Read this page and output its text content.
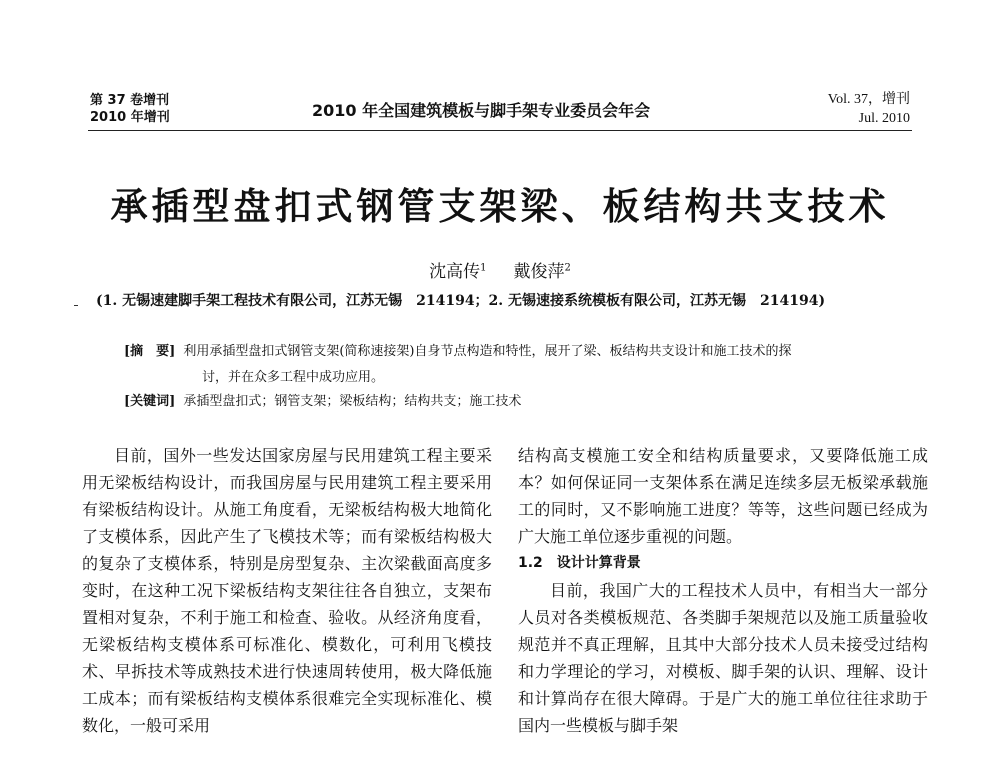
第 37 卷增刊
2010 年增刊	2010 年全国建筑模板与脚手架专业委员会年会
Vol. 37，增刊
Jul. 2010
承插型盘扣式钢管支架梁、板结构共支技术
沈高传$^1$ 戴俊萍$^2$
(1. 无锡速建脚手架工程技术有限公司，江苏无锡　214194；2. 无锡速接系统模板有限公司，江苏无锡　214194)
[摘　要] 利用承插型盘扣式钢管支架(简称速接架)自身节点构造和特性，展开了梁、板结构共支设计和施工技术的探
讨，并在众多工程中成功应用。
[关键词] 承插型盘扣式；钢管支架；梁板结构；结构共支；施工技术

目前，国外一些发达国家房屋与民用建筑工程主要采用无梁板结构设计，而我国房屋与民用建筑工程主要采用有梁板结构设计。从施工角度看，无梁板结构极大地简化了支模体系，因此产生了飞模技术等；而有梁板结构极大的复杂了支模体系，特别是房型复杂、主次梁截面高度多变时，在这种工况下梁板结构支架往往各自独立，支架布置相对复杂，不利于施工和检查、验收。从经济角度看，无梁板结构支模体系可标准化、模数化，可利用飞模技术、早拆技术等成熟技术进行快速周转使用，极大降低施工成本；而有梁板结构支模体系很难完全实现标准化、模数化，一般可采用

结构高支模施工安全和结构质量要求，又要降低施工成本？如何保证同一支架体系在满足连续多层无板梁承载施工的同时，又不影响施工进度？等等，这些问题已经成为广大施工单位逐步重视的问题。

1.2　设计计算背景

目前，我国广大的工程技术人员中，有相当大一部分人员对各类模板规范、各类脚手架规范以及施工质量验收规范并不真正理解，且其中大部分技术人员未接受过结构和力学理论的学习，对模板、脚手架的认识、理解、设计和计算尚存在很大障碍。于是广大的施工单位往往求助于国内一些模板与脚手架
